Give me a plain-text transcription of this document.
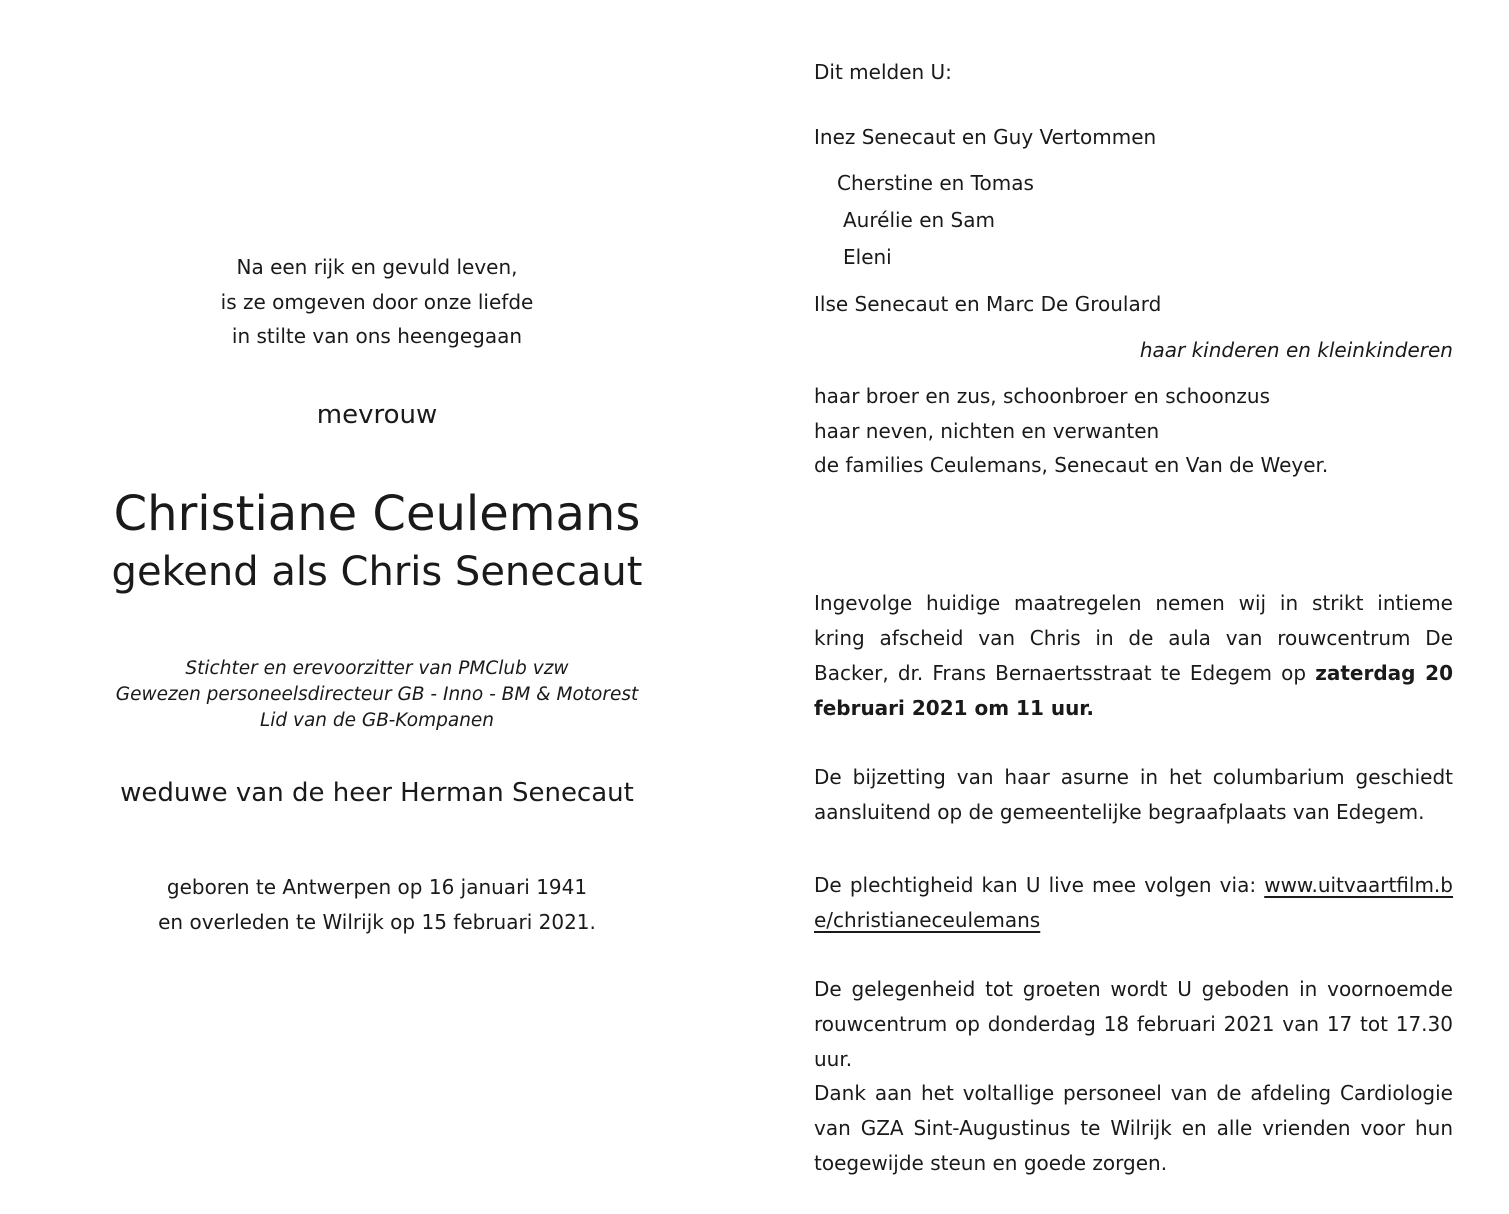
Na een rijk en gevuld leven,
is ze omgeven door onze liefde
in stilte van ons heengegaan
mevrouw
Christiane Ceulemans
gekend als Chris Senecaut
Stichter en erevoorzitter van PMClub vzw
Gewezen personeelsdirecteur GB - Inno - BM & Motorest
Lid van de GB-Kompanen
weduwe van de heer Herman Senecaut
geboren te Antwerpen op 16 januari 1941
en overleden te Wilrijk op 15 februari 2021.
Dit melden U:
Inez Senecaut en Guy Vertommen
Cherstine en Tomas
Aurélie en Sam
Eleni
Ilse Senecaut en Marc De Groulard
haar kinderen en kleinkinderen
haar broer en zus, schoonbroer en schoonzus
haar neven, nichten en verwanten
de families Ceulemans, Senecaut en Van de Weyer.
Ingevolge huidige maatregelen nemen wij in strikt intieme kring afscheid van Chris in de aula van rouwcentrum De Backer, dr. Frans Bernaertsstraat te Edegem op zaterdag 20 februari 2021 om 11 uur.
De bijzetting van haar asurne in het columbarium geschiedt aansluitend op de gemeentelijke begraafplaats van Edegem.
De plechtigheid kan U live mee volgen via: www.uitvaartfilm.be/christianeceulemans
De gelegenheid tot groeten wordt U geboden in voornoemde rouwcentrum op donderdag 18 februari 2021 van 17 tot 17.30 uur.
Dank aan het voltallige personeel van de afdeling Cardiologie van GZA Sint-Augustinus te Wilrijk en alle vrienden voor hun toegewijde steun en goede zorgen.
